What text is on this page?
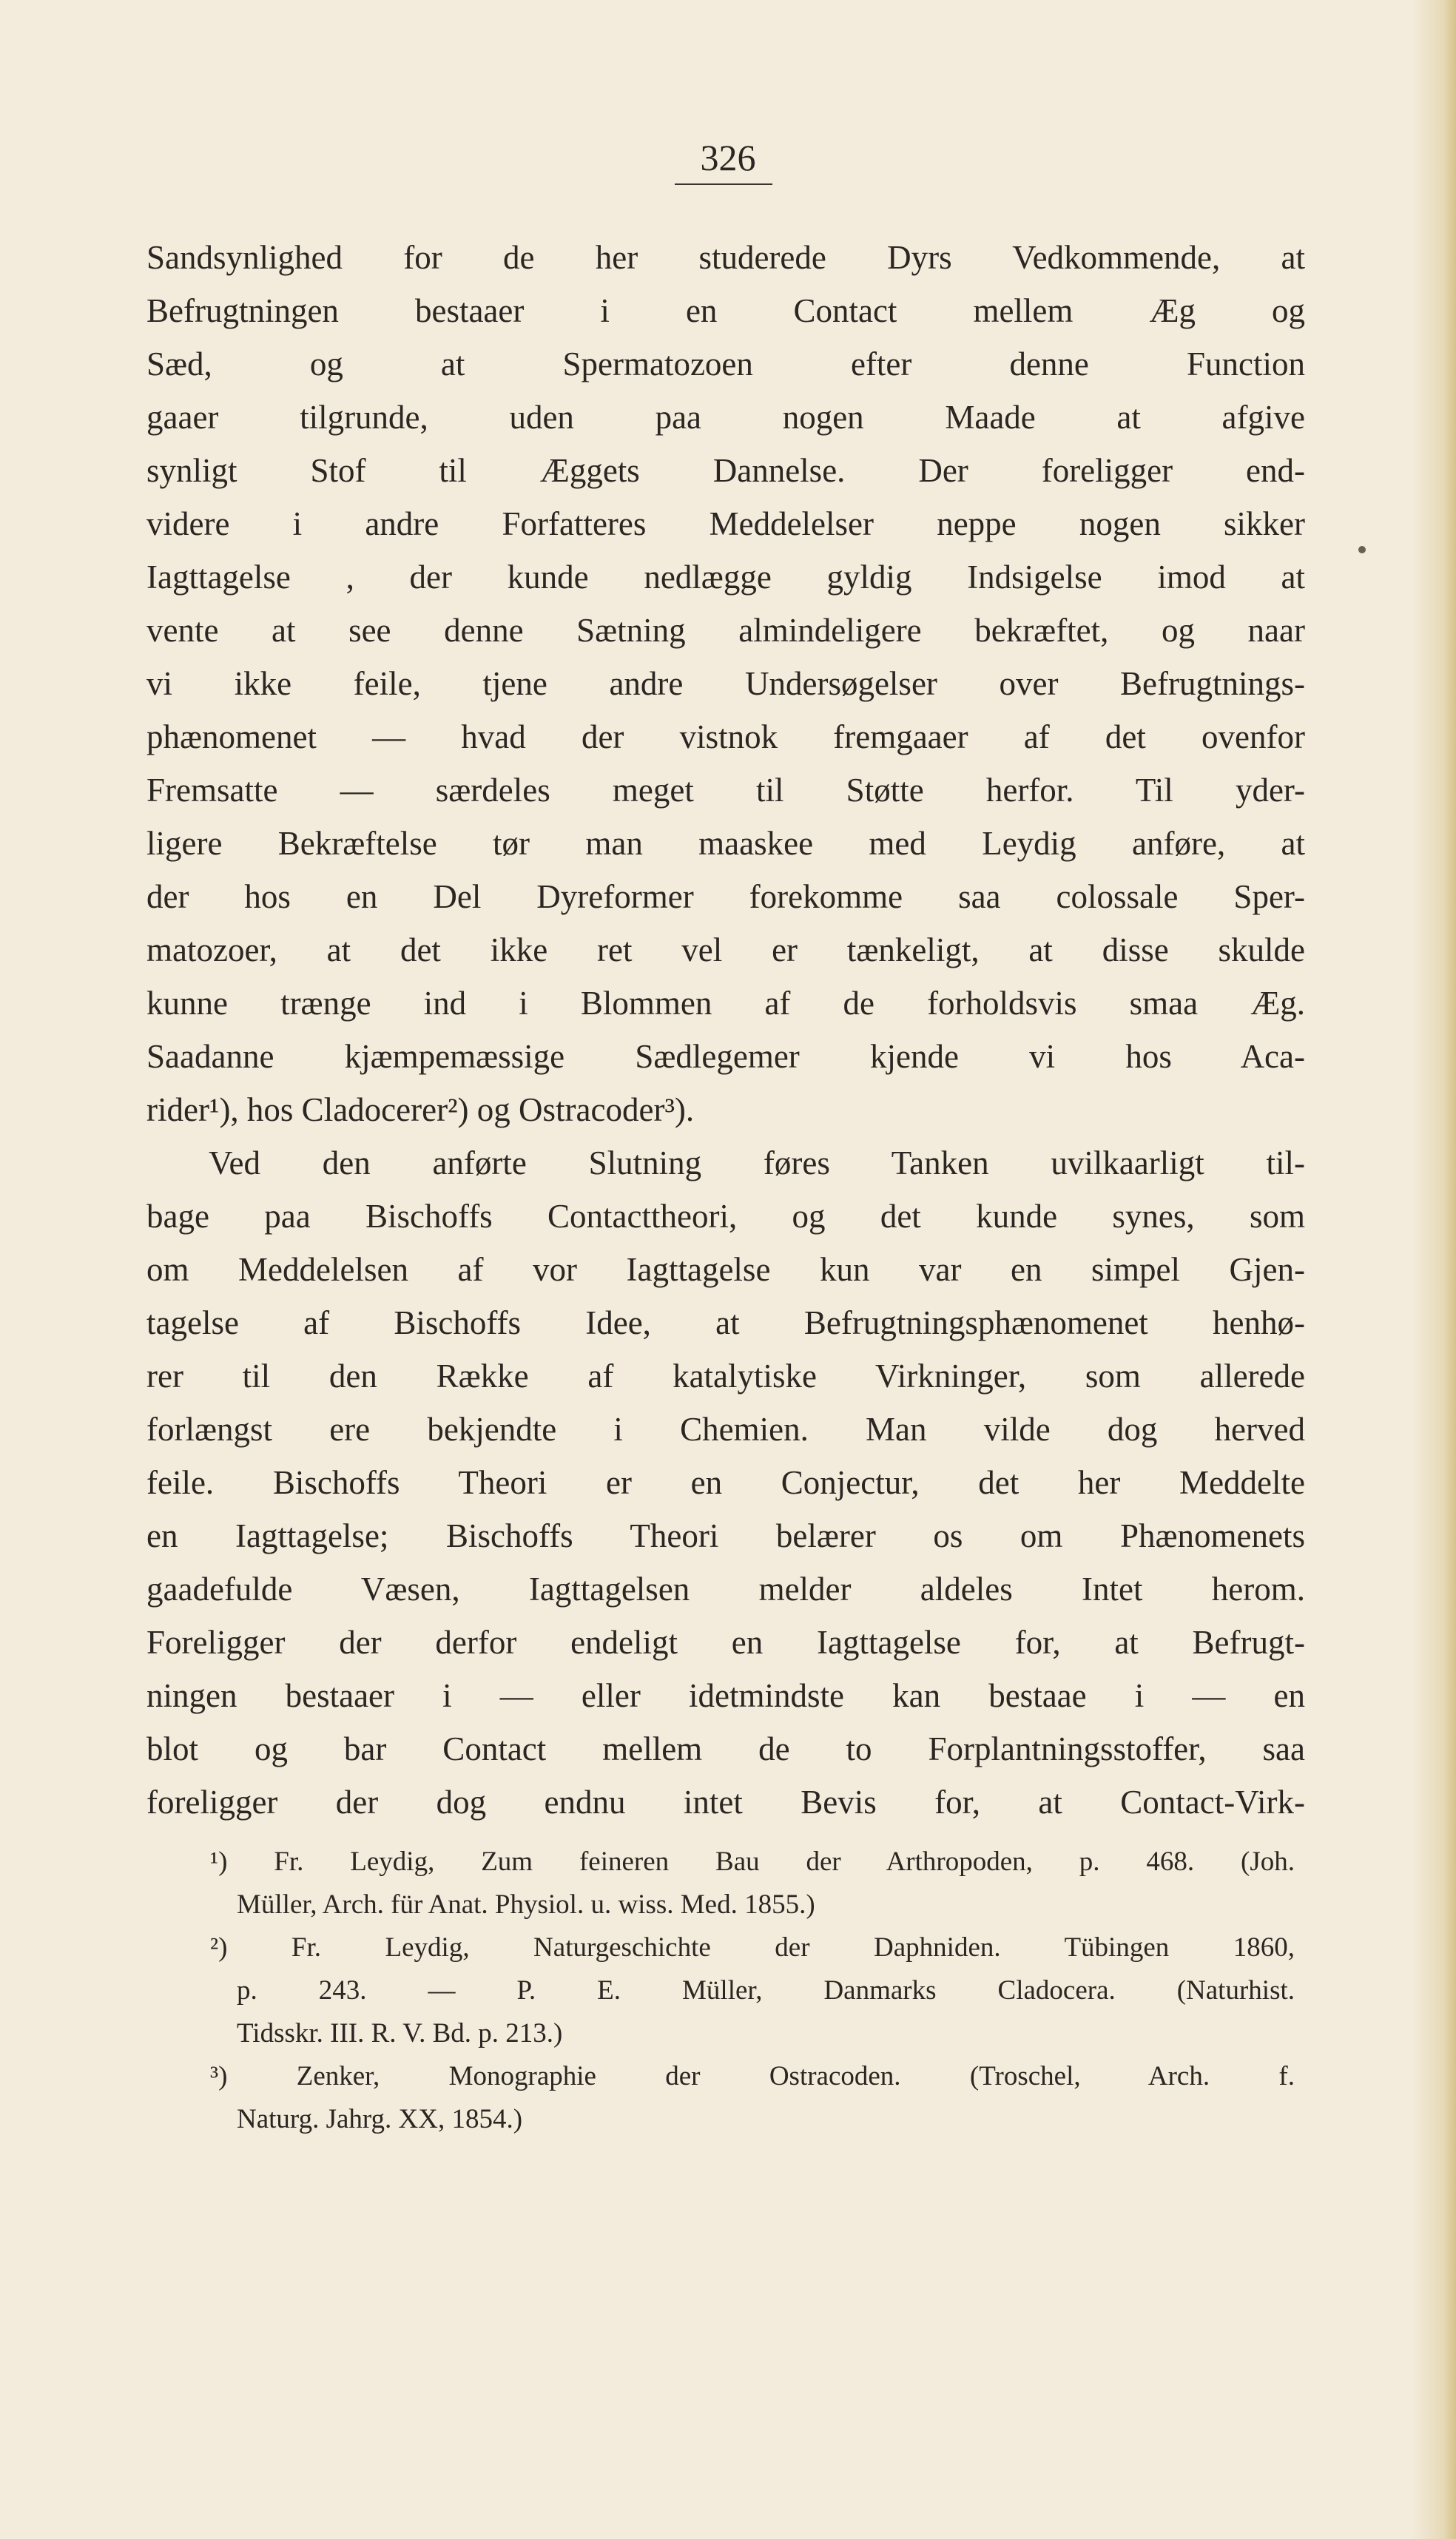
326
Sandsynlighed for de her studerede Dyrs Vedkommende, at
Befrugtningen bestaaer i en Contact mellem Æg og
Sæd, og at Spermatozoen efter denne Function
gaaer tilgrunde, uden paa nogen Maade at afgive
synligt Stof til Æggets Dannelse. Der foreligger end-
videre i andre Forfatteres Meddelelser neppe nogen sikker
Iagttagelse , der kunde nedlægge gyldig Indsigelse imod at
vente at see denne Sætning almindeligere bekræftet, og naar
vi ikke feile, tjene andre Undersøgelser over Befrugtnings-
phænomenet — hvad der vistnok fremgaaer af det ovenfor
Fremsatte — særdeles meget til Støtte herfor. Til yder-
ligere Bekræftelse tør man maaskee med Leydig anføre, at
der hos en Del Dyreformer forekomme saa colossale Sper-
matozoer, at det ikke ret vel er tænkeligt, at disse skulde
kunne trænge ind i Blommen af de forholdsvis smaa Æg.
Saadanne kjæmpemæssige Sædlegemer kjende vi hos Aca-
rider¹), hos Cladocerer²) og Ostracoder³).
Ved den anførte Slutning føres Tanken uvilkaarligt til-
bage paa Bischoffs Contacttheori, og det kunde synes, som
om Meddelelsen af vor Iagttagelse kun var en simpel Gjen-
tagelse af Bischoffs Idee, at Befrugtningsphænomenet henhø-
rer til den Række af katalytiske Virkninger, som allerede
forlængst ere bekjendte i Chemien. Man vilde dog herved
feile. Bischoffs Theori er en Conjectur, det her Meddelte
en Iagttagelse; Bischoffs Theori belærer os om Phænomenets
gaadefulde Væsen, Iagttagelsen melder aldeles Intet herom.
Foreligger der derfor endeligt en Iagttagelse for, at Befrugt-
ningen bestaaer i — eller idetmindste kan bestaae i — en
blot og bar Contact mellem de to Forplantningsstoffer, saa
foreligger der dog endnu intet Bevis for, at Contact-Virk-
¹) Fr. Leydig, Zum feineren Bau der Arthropoden, p. 468. (Joh.
Müller, Arch. für Anat. Physiol. u. wiss. Med. 1855.)
²) Fr. Leydig, Naturgeschichte der Daphniden. Tübingen 1860,
p. 243. — P. E. Müller, Danmarks Cladocera. (Naturhist.
Tidsskr. III. R. V. Bd. p. 213.)
³) Zenker, Monographie der Ostracoden. (Troschel, Arch. f.
Naturg. Jahrg. XX, 1854.)
